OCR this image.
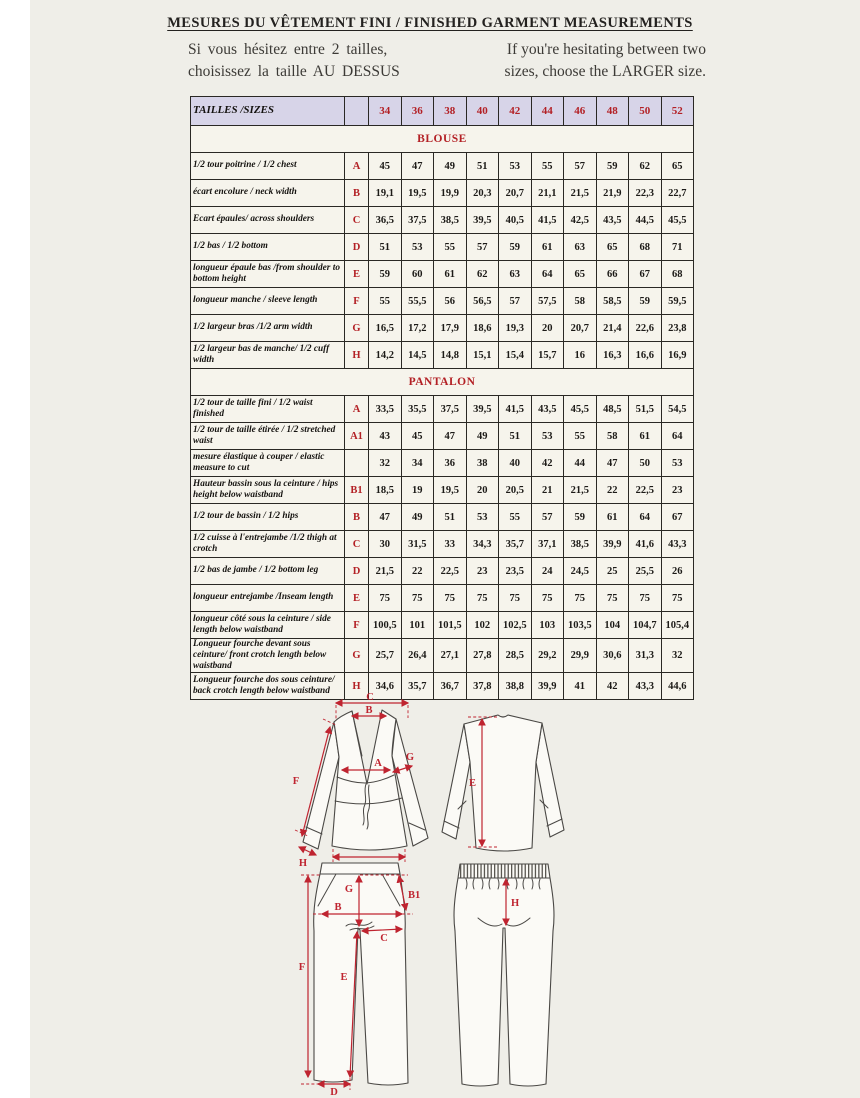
MESURES DU VÊTEMENT FINI / FINISHED GARMENT MEASUREMENTS
Si vous hésitez entre 2 tailles,
choisissez la taille AU DESSUS
If you're hesitating between two
sizes, choose the LARGER size.
TAILLES /SIZES		34	36	38	40	42	44	46	48	50	52
BLOUSE											
1/2 tour poitrine / 1/2 chest	A	45	47	49	51	53	55	57	59	62	65
écart encolure / neck width	B	19,1	19,5	19,9	20,3	20,7	21,1	21,5	21,9	22,3	22,7
Ecart épaules/ across shoulders	C	36,5	37,5	38,5	39,5	40,5	41,5	42,5	43,5	44,5	45,5
1/2 bas / 1/2 bottom	D	51	53	55	57	59	61	63	65	68	71
longueur épaule bas /from shoulder to bottom height	E	59	60	61	62	63	64	65	66	67	68
longueur manche / sleeve length	F	55	55,5	56	56,5	57	57,5	58	58,5	59	59,5
1/2 largeur bras /1/2 arm width	G	16,5	17,2	17,9	18,6	19,3	20	20,7	21,4	22,6	23,8
1/2 largeur bas de manche/ 1/2 cuff width	H	14,2	14,5	14,8	15,1	15,4	15,7	16	16,3	16,6	16,9
PANTALON											
1/2 tour de taille fini / 1/2 waist finished	A	33,5	35,5	37,5	39,5	41,5	43,5	45,5	48,5	51,5	54,5
1/2 tour de taille étirée / 1/2 stretched waist	A1	43	45	47	49	51	53	55	58	61	64
mesure élastique à couper / elastic measure to cut		32	34	36	38	40	42	44	47	50	53
Hauteur bassin sous la ceinture / hips height below waistband	B1	18,5	19	19,5	20	20,5	21	21,5	22	22,5	23
1/2 tour de bassin / 1/2 hips	B	47	49	51	53	55	57	59	61	64	67
1/2 cuisse à l'entrejambe /1/2 thigh at crotch	C	30	31,5	33	34,3	35,7	37,1	38,5	39,9	41,6	43,3
1/2 bas de jambe / 1/2 bottom leg	D	21,5	22	22,5	23	23,5	24	24,5	25	25,5	26
longueur entrejambe /Inseam length	E	75	75	75	75	75	75	75	75	75	75
longueur côté sous la ceinture / side length below waistband	F	100,5	101	101,5	102	102,5	103	103,5	104	104,7	105,4
Longueur fourche devant sous ceinture/ front crotch length below waistband	G	25,7	26,4	27,1	27,8	28,5	29,2	29,9	30,6	31,3	32
Longueur fourche dos sous ceinture/ back crotch length below waistband	H	34,6	35,7	36,7	37,8	38,8	39,9	41	42	43,3	44,6
C
B
A
G
F
H
E
G
B1
B
C
F
E
D
H
